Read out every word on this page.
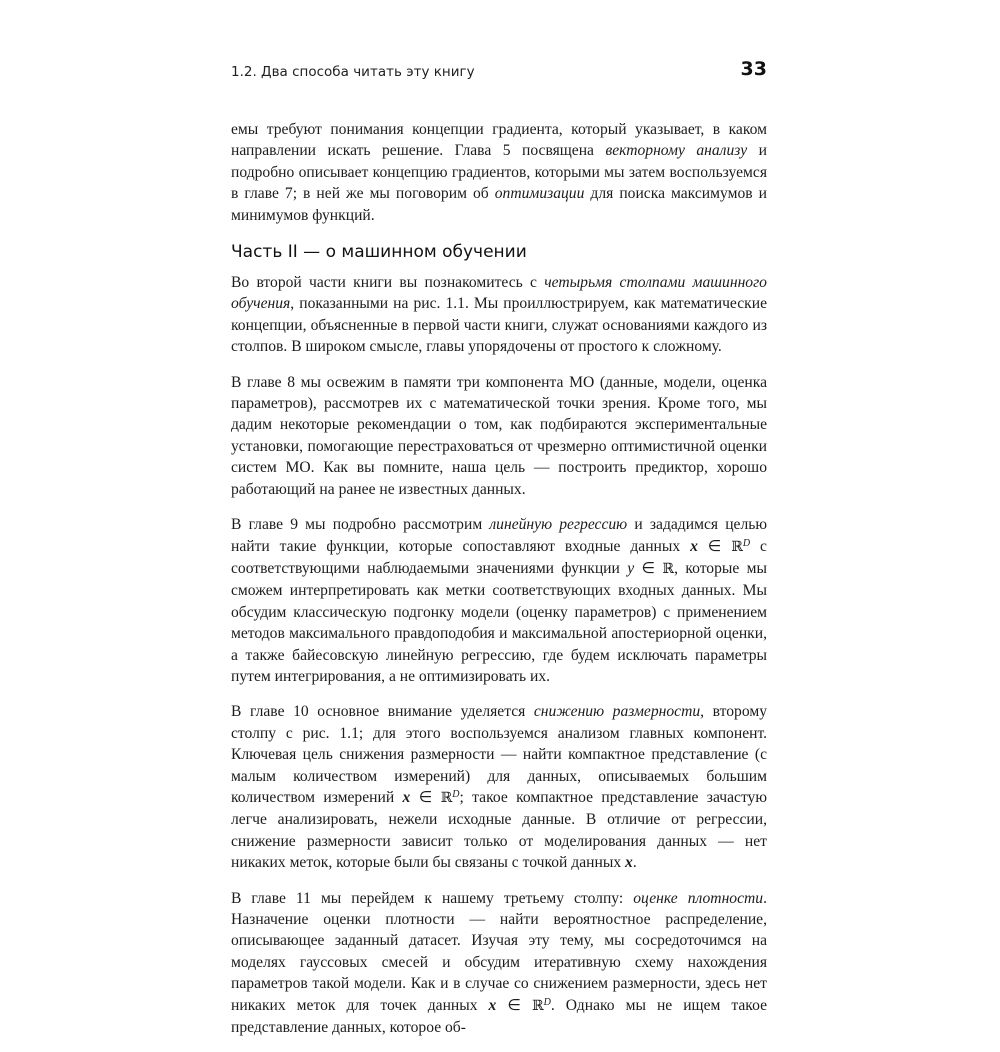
1.2. Два способа читать эту книгу	33

емы требуют понимания концепции градиента, который указывает, в каком направлении искать решение. Глава 5 посвящена векторному анализу и подробно описывает концепцию градиентов, которыми мы затем воспользуемся в главе 7; в ней же мы поговорим об оптимизации для поиска максимумов и минимумов функций.

Часть II — о машинном обучении

Во второй части книги вы познакомитесь с четырьмя столпами машинного обучения, показанными на рис. 1.1. Мы проиллюстрируем, как математические концепции, объясненные в первой части книги, служат основаниями каждого из столпов. В широком смысле, главы упорядочены от простого к сложному.

В главе 8 мы освежим в памяти три компонента МО (данные, модели, оценка параметров), рассмотрев их с математической точки зрения. Кроме того, мы дадим некоторые рекомендации о том, как подбираются экспериментальные установки, помогающие перестраховаться от чрезмерно оптимистичной оценки систем МО. Как вы помните, наша цель — построить предиктор, хорошо работающий на ранее не известных данных.

В главе 9 мы подробно рассмотрим линейную регрессию и зададимся целью найти такие функции, которые сопоставляют входные данных x ∈ ℝ$^D$ с соответствующими наблюдаемыми значениями функции y ∈ ℝ, которые мы сможем интерпретировать как метки соответствующих входных данных. Мы обсудим классическую подгонку модели (оценку параметров) с применением методов максимального правдоподобия и максимальной апостериорной оценки, а также байесовскую линейную регрессию, где будем исключать параметры путем интегрирования, а не оптимизировать их.

В главе 10 основное внимание уделяется снижению размерности, второму столпу с рис. 1.1; для этого воспользуемся анализом главных компонент. Ключевая цель снижения размерности — найти компактное представление (с малым количеством измерений) для данных, описываемых большим количеством измерений x ∈ ℝ$^D$; такое компактное представление зачастую легче анализировать, нежели исходные данные. В отличие от регрессии, снижение размерности зависит только от моделирования данных — нет никаких меток, которые были бы связаны с точкой данных x.

В главе 11 мы перейдем к нашему третьему столпу: оценке плотности. Назначение оценки плотности — найти вероятностное распределение, описывающее заданный датасет. Изучая эту тему, мы сосредоточимся на моделях гауссовых смесей и обсудим итеративную схему нахождения параметров такой модели. Как и в случае со снижением размерности, здесь нет никаких меток для точек данных x ∈ ℝ$^D$. Однако мы не ищем такое представление данных, которое об-
